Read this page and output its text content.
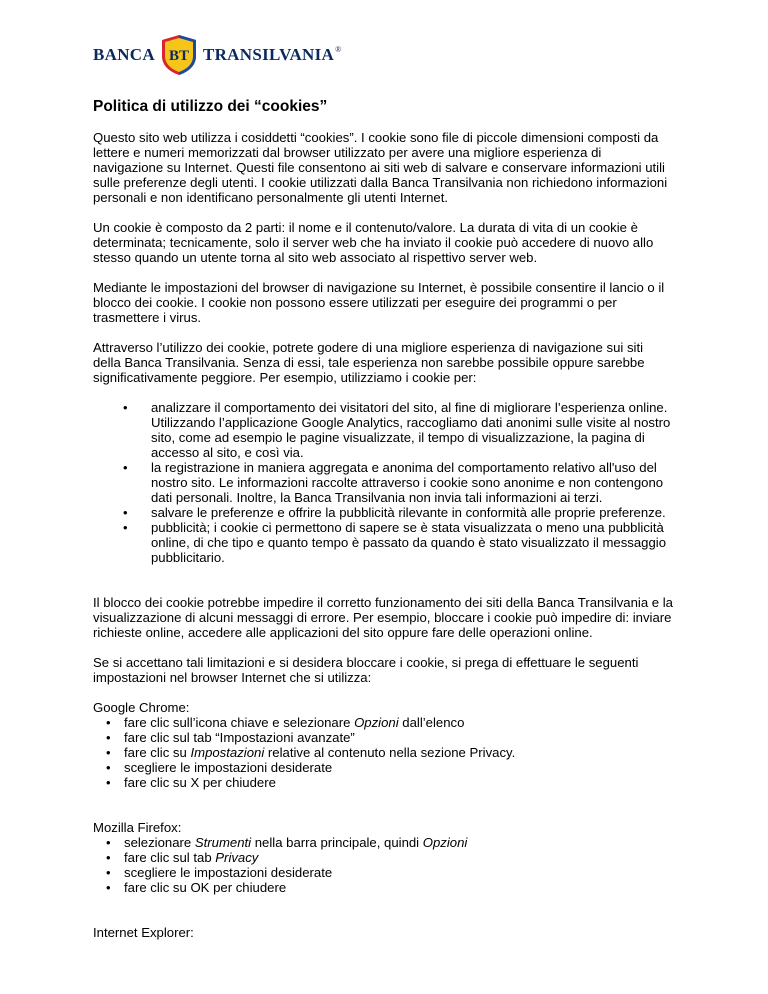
BANCA BT TRANSILVANIA ®
Politica di utilizzo dei “cookies”

Questo sito web utilizza i cosiddetti “cookies”. I cookie sono file di piccole dimensioni composti da lettere e numeri memorizzati dal browser utilizzato per avere una migliore esperienza di navigazione su Internet. Questi file consentono ai siti web di salvare e conservare informazioni utili sulle preferenze degli utenti. I cookie utilizzati dalla Banca Transilvania non richiedono informazioni personali e non identificano personalmente gli utenti Internet.

Un cookie è composto da 2 parti: il nome e il contenuto/valore. La durata di vita di un cookie è determinata; tecnicamente, solo il server web che ha inviato il cookie può accedere di nuovo allo stesso quando un utente torna al sito web associato al rispettivo server web.

Mediante le impostazioni del browser di navigazione su Internet, è possibile consentire il lancio o il blocco dei cookie. I cookie non possono essere utilizzati per eseguire dei programmi o per trasmettere i virus.

Attraverso l’utilizzo dei cookie, potrete godere di una migliore esperienza di navigazione sui siti della Banca Transilvania. Senza di essi, tale esperienza non sarebbe possibile oppure sarebbe significativamente peggiore. Per esempio, utilizziamo i cookie per:

• analizzare il comportamento dei visitatori del sito, al fine di migliorare l’esperienza online. Utilizzando l’applicazione Google Analytics, raccogliamo dati anonimi sulle visite al nostro sito, come ad esempio le pagine visualizzate, il tempo di visualizzazione, la pagina di accesso al sito, e così via.
• la registrazione in maniera aggregata e anonima del comportamento relativo all'uso del nostro sito. Le informazioni raccolte attraverso i cookie sono anonime e non contengono dati personali. Inoltre, la Banca Transilvania non invia tali informazioni ai terzi.
• salvare le preferenze e offrire la pubblicità rilevante in conformità alle proprie preferenze.
• pubblicità; i cookie ci permettono di sapere se è stata visualizzata o meno una pubblicità online, di che tipo e quanto tempo è passato da quando è stato visualizzato il messaggio pubblicitario.

Il blocco dei cookie potrebbe impedire il corretto funzionamento dei siti della Banca Transilvania e la visualizzazione di alcuni messaggi di errore. Per esempio, bloccare i cookie può impedire di: inviare richieste online, accedere alle applicazioni del sito oppure fare delle operazioni online.

Se si accettano tali limitazioni e si desidera bloccare i cookie, si prega di effettuare le seguenti impostazioni nel browser Internet che si utilizza:

Google Chrome:

• fare clic sull’icona chiave e selezionare Opzioni dall’elenco
• fare clic sul tab “Impostazioni avanzate”
• fare clic su Impostazioni relative al contenuto nella sezione Privacy.
• scegliere le impostazioni desiderate
• fare clic su X per chiudere

Mozilla Firefox:

• selezionare Strumenti nella barra principale, quindi Opzioni
• fare clic sul tab Privacy
• scegliere le impostazioni desiderate
• fare clic su OK per chiudere

Internet Explorer:
